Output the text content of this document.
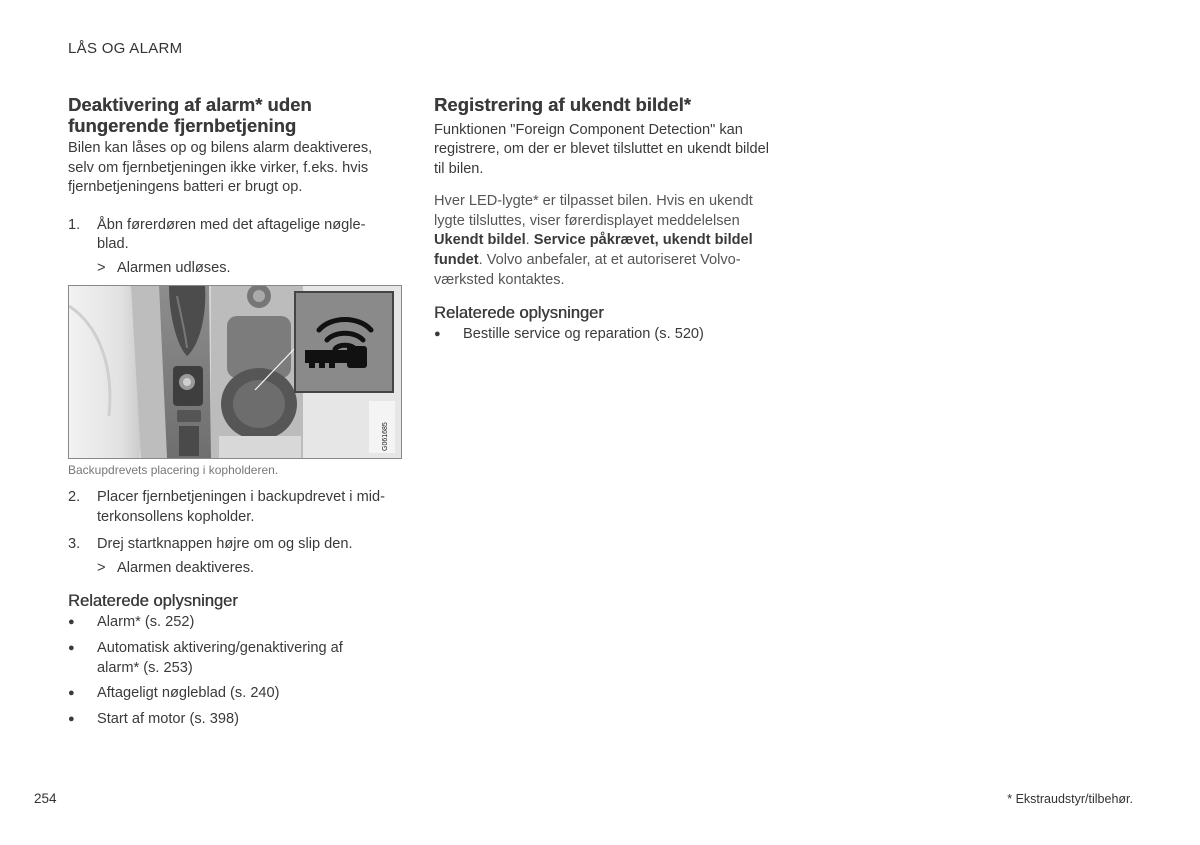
LÅS OG ALARM
Deaktivering af alarm* uden
fungerende fjernbetjening

Bilen kan låses op og bilens alarm deaktiveres, selv om fjernbetjeningen ikke virker, f.eks. hvis fjernbetjeningens batteri er brugt op.

1.	Åbn førerdøren med det aftagelige nøgle-blad.
> Alarmen udløses.
G061685
Backupdrevets placering i kopholderen.
2.	Placer fjernbetjeningen i backupdrevet i mid-terkonsollens kopholder.
3.	Drej startknappen højre om og slip den.
> Alarmen deaktiveres.
Relaterede oplysninger
●	Alarm* (s. 252)
●	Automatisk aktivering/genaktivering af alarm* (s. 253)
●	Aftageligt nøgleblad (s. 240)
●	Start af motor (s. 398)
Registrering af ukendt bildel*

Funktionen "Foreign Component Detection" kan registrere, om der er blevet tilsluttet en ukendt bildel til bilen.

Hver LED-lygte* er tilpasset bilen. Hvis en ukendt lygte tilsluttes, viser førerdisplayet meddelelsen Ukendt bildel. Service påkrævet, ukendt bildel fundet. Volvo anbefaler, at et autoriseret Volvo-værksted kontaktes.

Relaterede oplysninger
●	Bestille service og reparation (s. 520)
254	* Ekstraudstyr/tilbehør.
